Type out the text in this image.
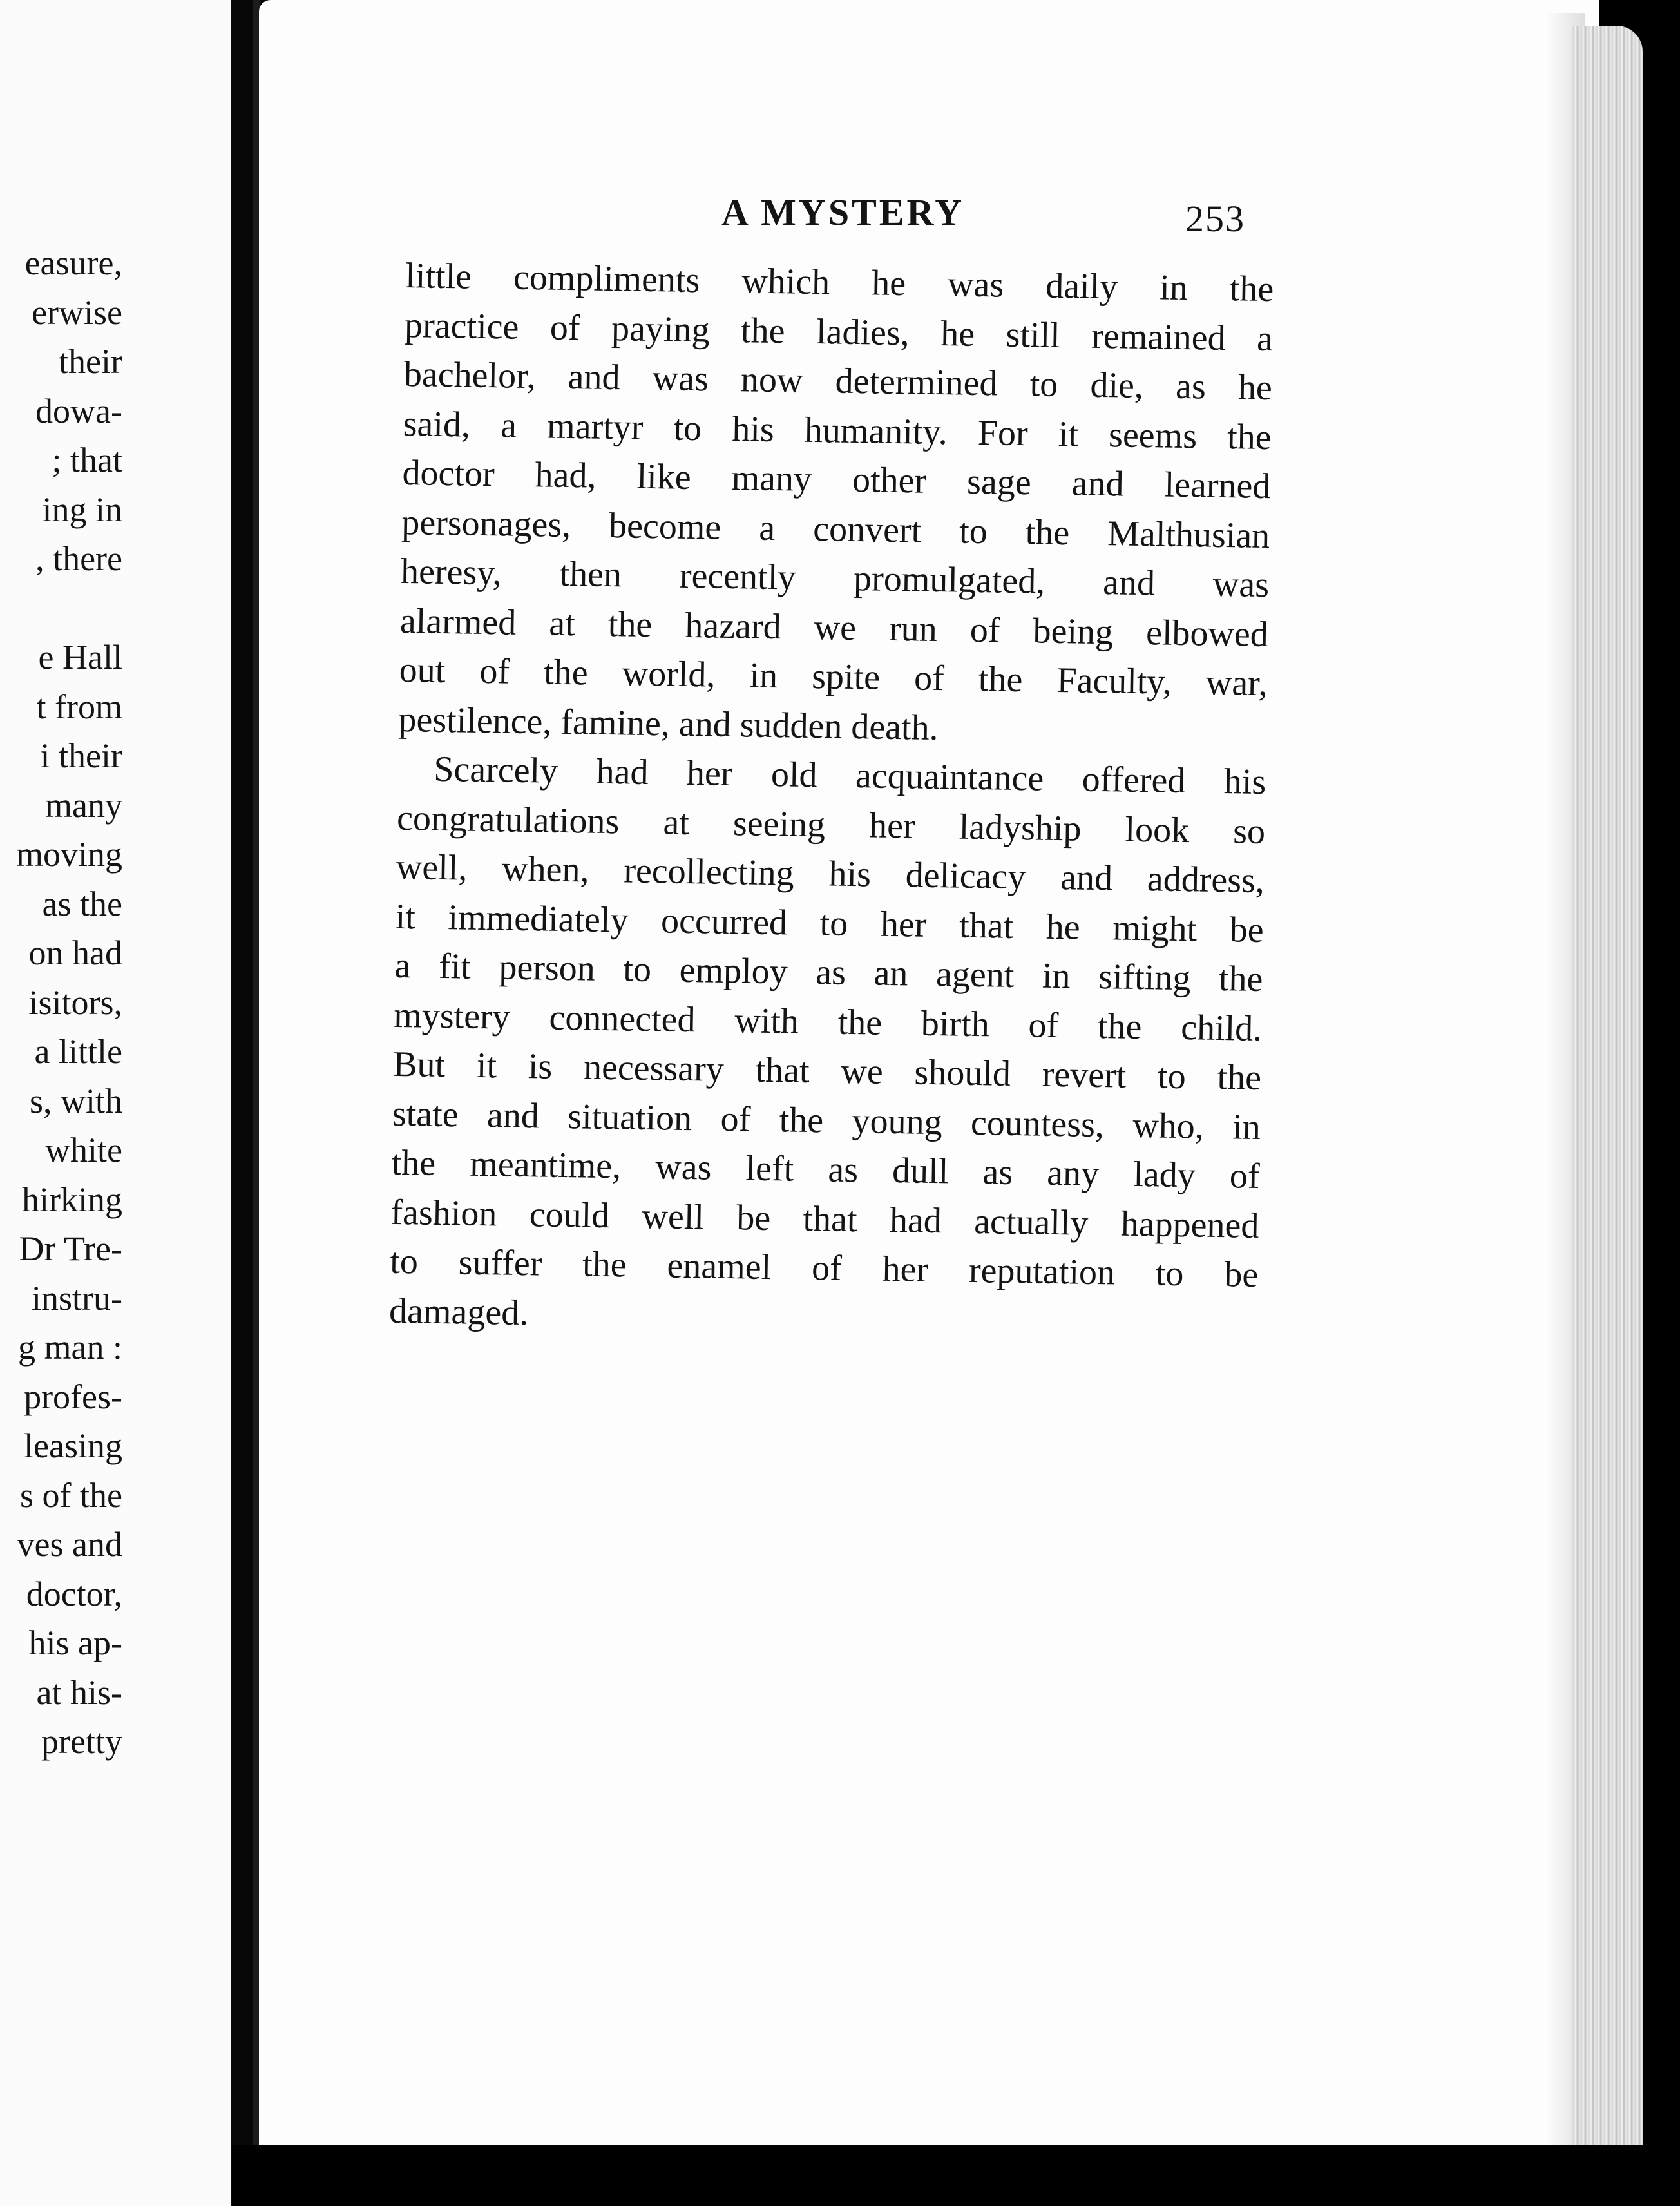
easure,
erwise
their
dowa-
; that
ing in
, there
e Hall
t from
i their
many
moving
as the
on had
isitors,
a little
s, with
white
hirking
Dr Tre-
instru-
g man :
profes-
leasing
s of the
ves and
doctor,
his ap-
at his-
pretty
A MYSTERY	253
little compliments which he was daily in the
practice of paying the ladies, he still remained a
bachelor, and was now determined to die, as he
said, a martyr to his humanity. For it seems the
doctor had, like many other sage and learned
personages, become a convert to the Malthusian
heresy, then recently promulgated, and was
alarmed at the hazard we run of being elbowed
out of the world, in spite of the Faculty, war,
pestilence, famine, and sudden death.
Scarcely had her old acquaintance offered his
congratulations at seeing her ladyship look so
well, when, recollecting his delicacy and address,
it immediately occurred to her that he might be
a fit person to employ as an agent in sifting the
mystery connected with the birth of the child.
But it is necessary that we should revert to the
state and situation of the young countess, who, in
the meantime, was left as dull as any lady of
fashion could well be that had actually happened
to suffer the enamel of her reputation to be
damaged.
